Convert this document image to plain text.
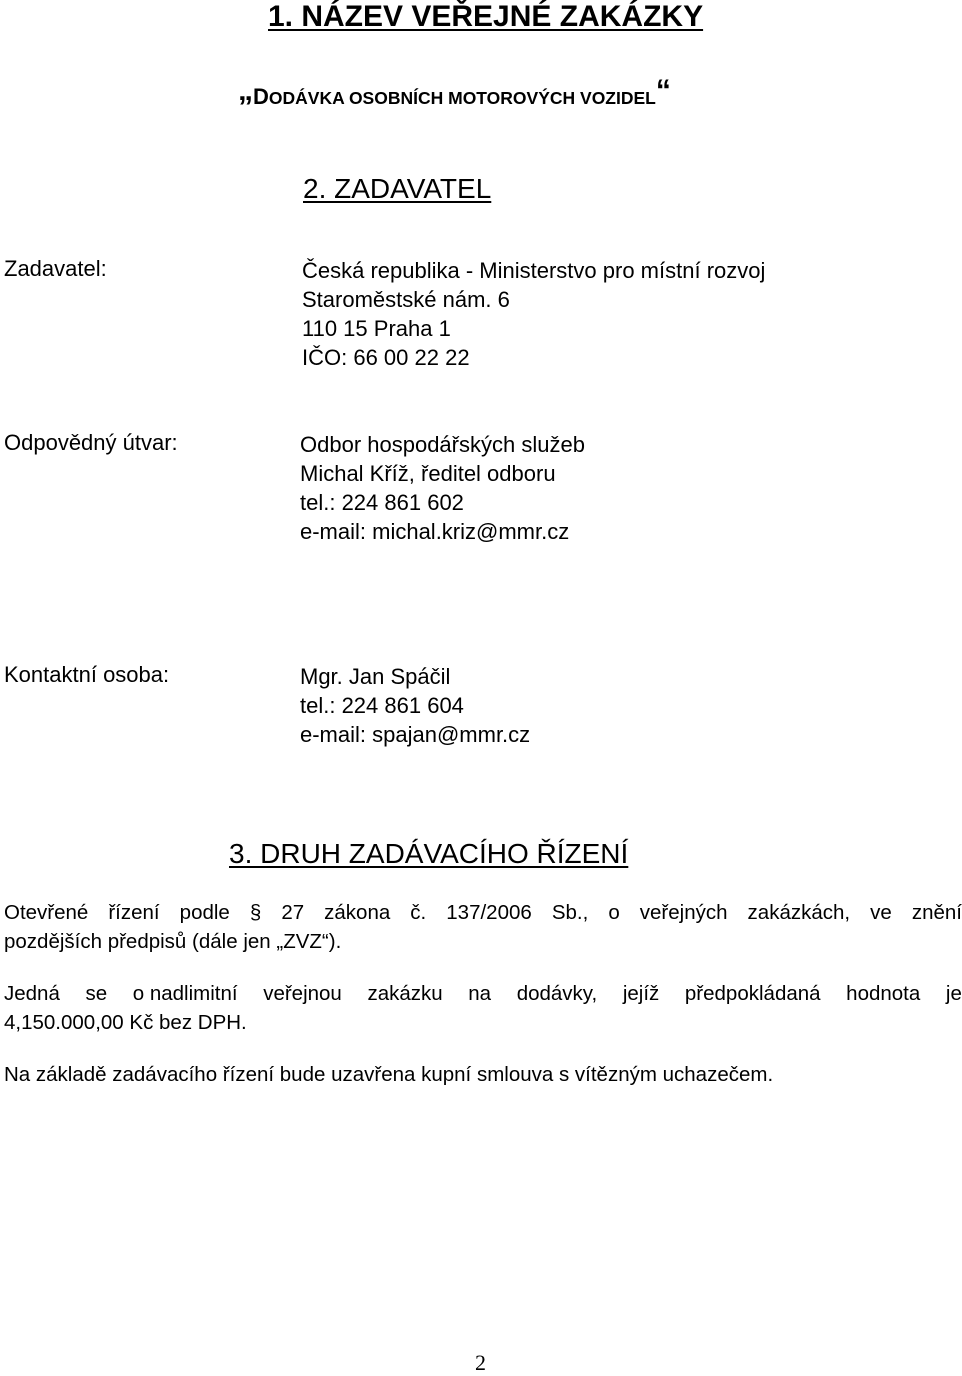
1. NÁZEV VEŘEJNÉ ZAKÁZKY
„DODÁVKA OSOBNÍCH MOTOROVÝCH VOZIDEL“
2. ZADAVATEL
Zadavatel:	Česká republika - Ministerstvo pro místní rozvoj
Staroměstské nám. 6
110 15 Praha 1
IČO: 66 00 22 22
Odpovědný útvar:	Odbor hospodářských služeb
Michal Kříž, ředitel odboru
tel.: 224 861 602
e-mail: michal.kriz@mmr.cz
Kontaktní osoba:	Mgr. Jan Spáčil
tel.: 224 861 604
e-mail: spajan@mmr.cz
3. DRUH ZADÁVACÍHO ŘÍZENÍ
Otevřené řízení podle § 27 zákona č. 137/2006 Sb., o veřejných zakázkách, ve znění
pozdějších předpisů (dále jen „ZVZ“).
Jedná se o nadlimitní veřejnou zakázku na dodávky, jejíž předpokládaná hodnota je
4,150.000,00 Kč bez DPH.
Na základě zadávacího řízení bude uzavřena kupní smlouva s vítězným uchazečem.
2
